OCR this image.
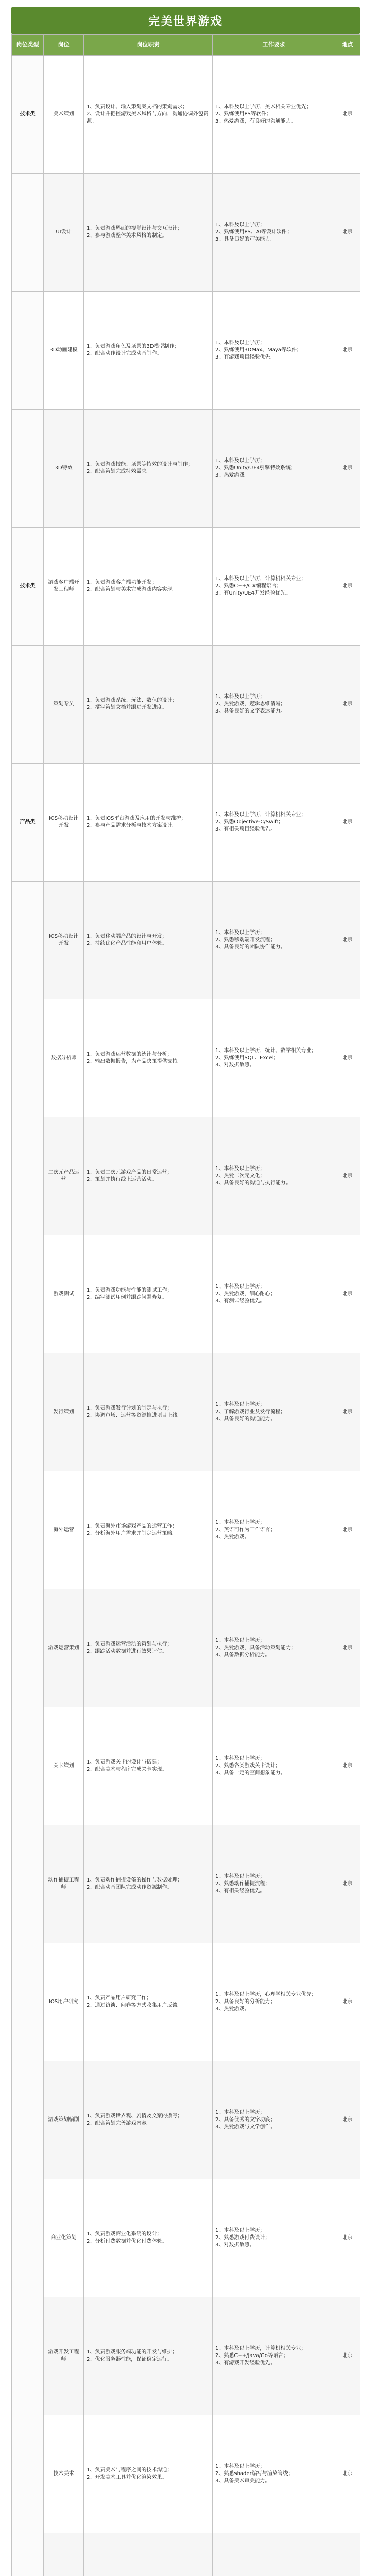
完美世界游戏
岗位类型	岗位	岗位职责	工作要求	地点
技术类	美术策划	1、负责设计、输入策划案文档的策划需求；
2、设计并把控游戏美术风格与方向，沟通协调外包资源。	1、本科及以上学历，美术相关专业优先；
2、熟练使用PS等软件；
3、热爱游戏，有良好的沟通能力。	北京
	UI设计	1、负责游戏界面的视觉设计与交互设计；
2、参与游戏整体美术风格的制定。	1、本科及以上学历；
2、熟练使用PS、AI等设计软件；
3、具备良好的审美能力。	北京
	3D动画建模	1、负责游戏角色及场景的3D模型制作；
2、配合动作设计完成动画制作。	1、本科及以上学历；
2、熟练使用3DMax、Maya等软件；
3、有游戏项目经验优先。	北京
	3D特效	1、负责游戏技能、场景等特效的设计与制作；
2、配合策划完成特效需求。	1、本科及以上学历；
2、熟悉Unity/UE4引擎特效系统；
3、热爱游戏。	北京
技术类	游戏客户端开发工程师	1、负责游戏客户端功能开发；
2、配合策划与美术完成游戏内容实现。	1、本科及以上学历，计算机相关专业；
2、熟悉C++/C#编程语言；
3、有Unity/UE4开发经验优先。	北京
	策划专员	1、负责游戏系统、玩法、数值的设计；
2、撰写策划文档并跟进开发进度。	1、本科及以上学历；
2、热爱游戏，逻辑思维清晰；
3、具备良好的文字表达能力。	北京
产品类	IOS移动设计开发	1、负责iOS平台游戏及应用的开发与维护；
2、参与产品需求分析与技术方案设计。	1、本科及以上学历，计算机相关专业；
2、熟悉Objective-C/Swift；
3、有相关项目经验优先。	北京
	IOS移动设计开发	1、负责移动端产品的设计与开发；
2、持续优化产品性能和用户体验。	1、本科及以上学历；
2、熟悉移动端开发流程；
3、具备良好的团队协作能力。	北京
	数据分析师	1、负责游戏运营数据的统计与分析；
2、输出数据报告，为产品决策提供支持。	1、本科及以上学历，统计、数学相关专业；
2、熟练使用SQL、Excel；
3、对数据敏感。	北京
	二次元产品运营	1、负责二次元游戏产品的日常运营；
2、策划并执行线上运营活动。	1、本科及以上学历；
2、热爱二次元文化；
3、具备良好的沟通与执行能力。	北京
	游戏测试	1、负责游戏功能与性能的测试工作；
2、编写测试用例并跟踪问题修复。	1、本科及以上学历；
2、热爱游戏，细心耐心；
3、有测试经验优先。	北京
	发行策划	1、负责游戏发行计划的制定与执行；
2、协调市场、运营等资源推进项目上线。	1、本科及以上学历；
2、了解游戏行业及发行流程；
3、具备良好的沟通能力。	北京
	海外运营	1、负责海外市场游戏产品的运营工作；
2、分析海外用户需求并制定运营策略。	1、本科及以上学历；
2、英语可作为工作语言；
3、热爱游戏。	北京
	游戏运营策划	1、负责游戏运营活动的策划与执行；
2、跟踪活动数据并进行效果评估。	1、本科及以上学历；
2、热爱游戏，具备活动策划能力；
3、具备数据分析能力。	北京
	关卡策划	1、负责游戏关卡的设计与搭建；
2、配合美术与程序完成关卡实现。	1、本科及以上学历；
2、熟悉各类游戏关卡设计；
3、具备一定的空间想象能力。	北京
	动作捕捉工程师	1、负责动作捕捉设备的操作与数据处理；
2、配合动画团队完成动作资源制作。	1、本科及以上学历；
2、熟悉动作捕捉流程；
3、有相关经验优先。	北京
	IOS用户研究	1、负责产品用户研究工作；
2、通过访谈、问卷等方式收集用户反馈。	1、本科及以上学历，心理学相关专业优先；
2、具备良好的分析能力；
3、热爱游戏。	北京
	游戏策划编剧	1、负责游戏世界观、剧情及文案的撰写；
2、配合策划完善游戏内容。	1、本科及以上学历；
2、具备优秀的文字功底；
3、热爱游戏与文学创作。	北京
	商业化策划	1、负责游戏商业化系统的设计；
2、分析付费数据并优化付费体验。	1、本科及以上学历；
2、熟悉游戏付费设计；
3、对数据敏感。	北京
	游戏开发工程师	1、负责游戏服务端功能的开发与维护；
2、优化服务器性能，保证稳定运行。	1、本科及以上学历，计算机相关专业；
2、熟悉C++/Java/Go等语言；
3、有游戏开发经验优先。	北京
	技术美术	1、负责美术与程序之间的技术沟通；
2、开发美术工具并优化渲染效果。	1、本科及以上学历；
2、熟悉shader编写与渲染管线；
3、具备美术审美能力。	北京
